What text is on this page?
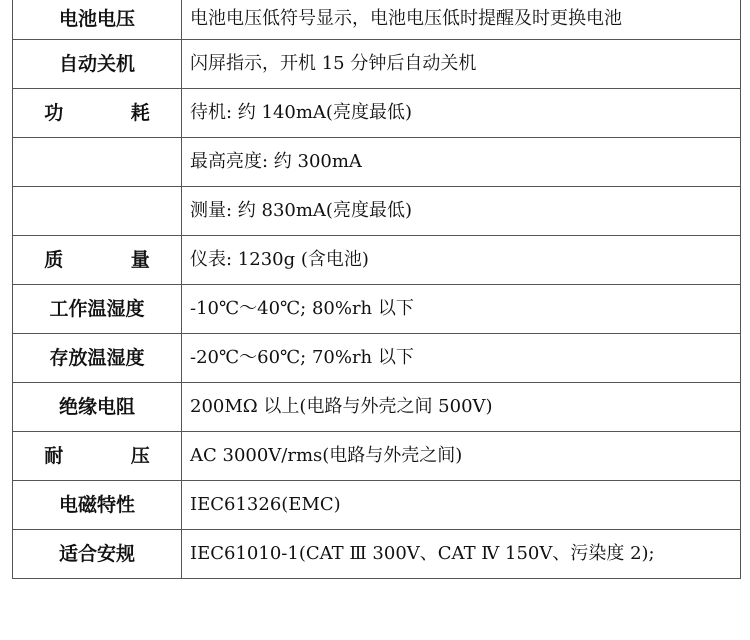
电池电压	电池电压低符号显示，电池电压低时提醒及时更换电池
自动关机	闪屏指示，开机 15 分钟后自动关机
功 耗	待机: 约 140mA(亮度最低)
	最高亮度: 约 300mA
	测量: 约 830mA(亮度最低)
质 量	仪表: 1230g (含电池)
工作温湿度	-10℃～40℃; 80%rh 以下
存放温湿度	-20℃～60℃; 70%rh 以下
绝缘电阻	200MΩ 以上(电路与外壳之间 500V)
耐 压	AC 3000V/rms(电路与外壳之间)
电磁特性	IEC61326(EMC)
适合安规	IEC61010-1(CAT Ⅲ 300V、CAT Ⅳ 150V、污染度 2);
